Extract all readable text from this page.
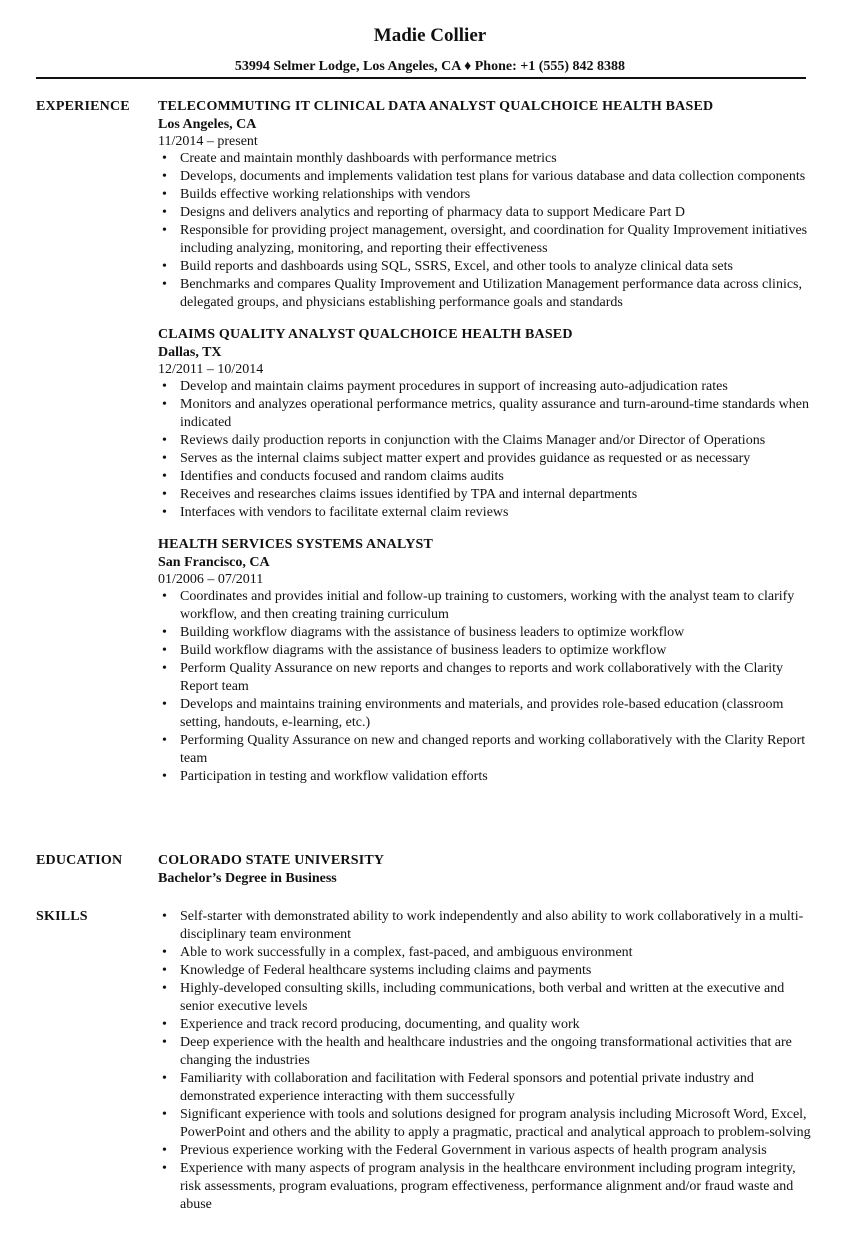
Madie Collier
53994 Selmer Lodge, Los Angeles, CA ♦ Phone: +1 (555) 842 8388
EXPERIENCE TELECOMMUTING IT CLINICAL DATA ANALYST QUALCHOICE HEALTH BASED
Los Angeles, CA
11/2014 – present
• Create and maintain monthly dashboards with performance metrics
• Develops, documents and implements validation test plans for various database and data collection components
• Builds effective working relationships with vendors
• Designs and delivers analytics and reporting of pharmacy data to support Medicare Part D
• Responsible for providing project management, oversight, and coordination for Quality Improvement initiatives including analyzing, monitoring, and reporting their effectiveness
• Build reports and dashboards using SQL, SSRS, Excel, and other tools to analyze clinical data sets
• Benchmarks and compares Quality Improvement and Utilization Management performance data across clinics, delegated groups, and physicians establishing performance goals and standards
CLAIMS QUALITY ANALYST QUALCHOICE HEALTH BASED
Dallas, TX
12/2011 – 10/2014
• Develop and maintain claims payment procedures in support of increasing auto-adjudication rates
• Monitors and analyzes operational performance metrics, quality assurance and turn-around-time standards when indicated
• Reviews daily production reports in conjunction with the Claims Manager and/or Director of Operations
• Serves as the internal claims subject matter expert and provides guidance as requested or as necessary
• Identifies and conducts focused and random claims audits
• Receives and researches claims issues identified by TPA and internal departments
• Interfaces with vendors to facilitate external claim reviews
HEALTH SERVICES SYSTEMS ANALYST
San Francisco, CA
01/2006 – 07/2011
• Coordinates and provides initial and follow-up training to customers, working with the analyst team to clarify workflow, and then creating training curriculum
• Building workflow diagrams with the assistance of business leaders to optimize workflow
• Build workflow diagrams with the assistance of business leaders to optimize workflow
• Perform Quality Assurance on new reports and changes to reports and work collaboratively with the Clarity Report team
• Develops and maintains training environments and materials, and provides role-based education (classroom setting, handouts, e-learning, etc.)
• Performing Quality Assurance on new and changed reports and working collaboratively with the Clarity Report team
• Participation in testing and workflow validation efforts
EDUCATION	COLORADO STATE UNIVERSITY
Bachelor’s Degree in Business
SKILLS
•	Self-starter with demonstrated ability to work independently and also ability to work collaboratively in a multi-disciplinary team environment
• Able to work successfully in a complex, fast-paced, and ambiguous environment
• Knowledge of Federal healthcare systems including claims and payments
• Highly-developed consulting skills, including communications, both verbal and written at the executive and senior executive levels
• Experience and track record producing, documenting, and quality work
• Deep experience with the health and healthcare industries and the ongoing transformational activities that are changing the industries
• Familiarity with collaboration and facilitation with Federal sponsors and potential private industry and demonstrated experience interacting with them successfully
• Significant experience with tools and solutions designed for program analysis including Microsoft Word, Excel, PowerPoint and others and the ability to apply a pragmatic, practical and analytical approach to problem-solving
• Previous experience working with the Federal Government in various aspects of health program analysis
• Experience with many aspects of program analysis in the healthcare environment including program integrity, risk assessments, program evaluations, program effectiveness, performance alignment and/or fraud waste and abuse
